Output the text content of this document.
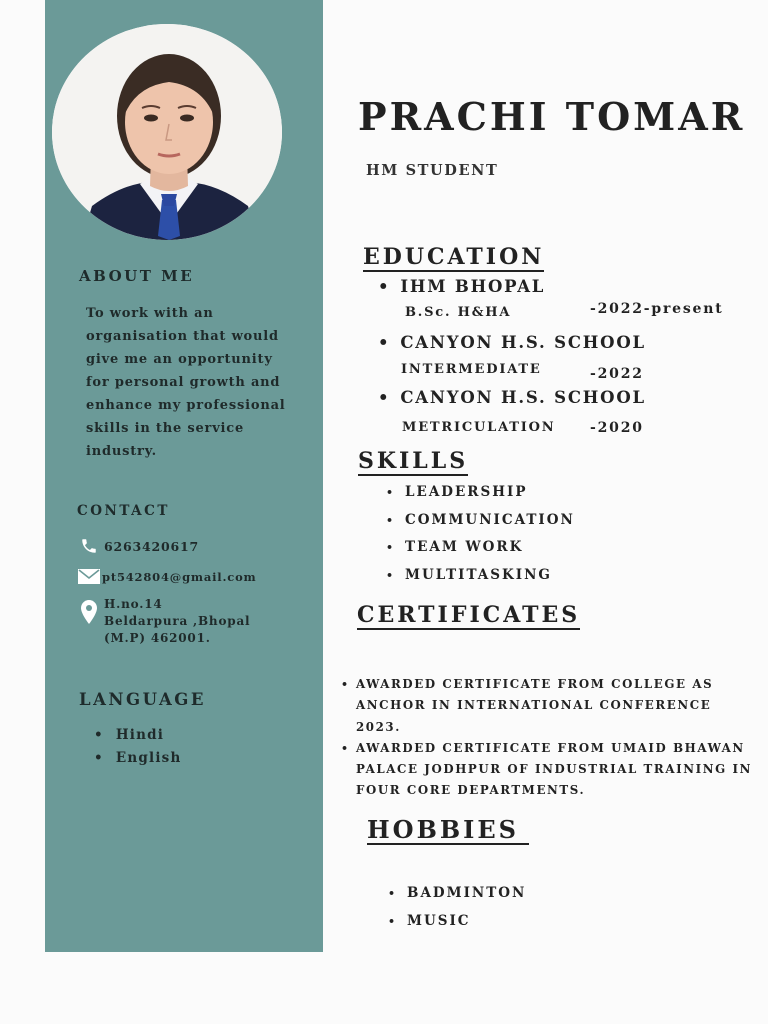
ABOUT ME
To work with an organisation that would give me an opportunity for personal growth and enhance my professional skills in the service industry.
CONTACT
6263420617
pt542804@gmail.com
H.no.14
Beldarpura ,Bhopal
(M.P) 462001.
LANGUAGE
• Hindi
• English
PRACHI TOMAR
HM STUDENT
EDUCATION
• IHM BHOPAL
B.Sc. H&HA	-2022-present
• CANYON H.S. SCHOOL
INTERMEDIATE	-2022
• CANYON H.S. SCHOOL
METRICULATION -2020
SKILLS
• LEADERSHIP
• COMMUNICATION
• TEAM WORK
• MULTITASKING
CERTIFICATES
• AWARDED CERTIFICATE FROM COLLEGE AS ANCHOR IN INTERNATIONAL CONFERENCE 2023.
• AWARDED CERTIFICATE FROM UMAID BHAWAN PALACE JODHPUR OF INDUSTRIAL TRAINING IN FOUR CORE DEPARTMENTS.
HOBBIES
• BADMINTON
• MUSIC
